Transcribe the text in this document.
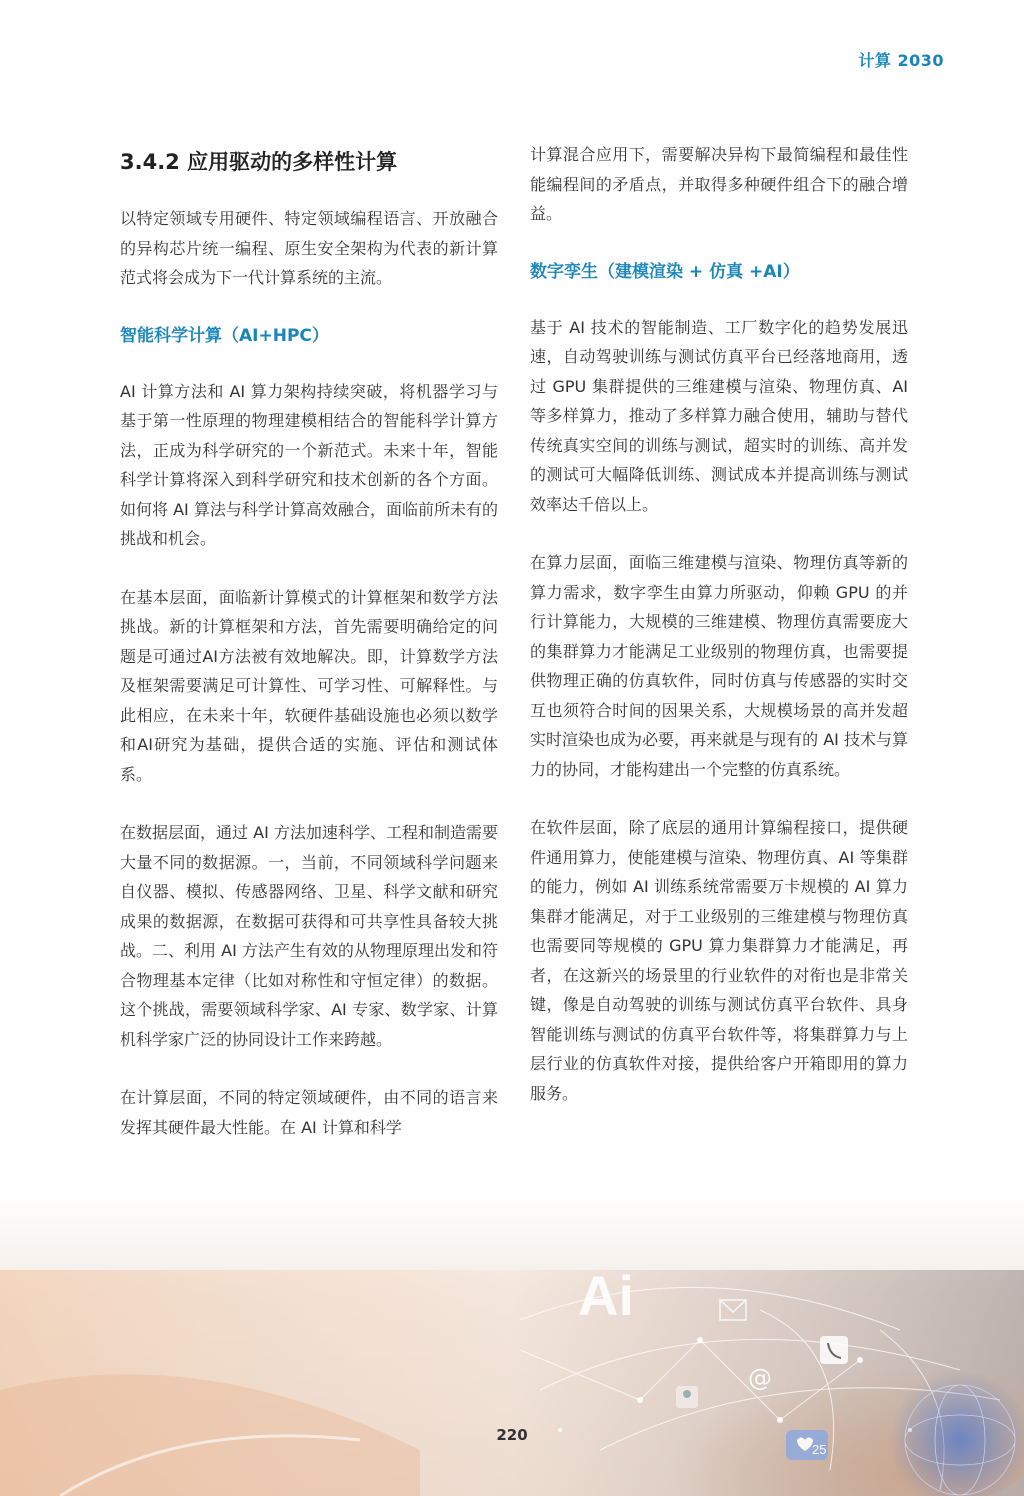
计算 2030
3.4.2 应用驱动的多样性计算
以特定领域专用硬件、特定领域编程语言、开放融合的异构芯片统一编程、原生安全架构为代表的新计算范式将会成为下一代计算系统的主流。
智能科学计算（AI+HPC）
AI 计算方法和 AI 算力架构持续突破，将机器学习与基于第一性原理的物理建模相结合的智能科学计算方法，正成为科学研究的一个新范式。未来十年，智能科学计算将深入到科学研究和技术创新的各个方面。如何将 AI 算法与科学计算高效融合，面临前所未有的挑战和机会。
在基本层面，面临新计算模式的计算框架和数学方法挑战。新的计算框架和方法，首先需要明确给定的问题是可通过AI方法被有效地解决。即，计算数学方法及框架需要满足可计算性、可学习性、可解释性。与此相应，在未来十年，软硬件基础设施也必须以数学和AI研究为基础，提供合适的实施、评估和测试体系。
在数据层面，通过 AI 方法加速科学、工程和制造需要大量不同的数据源。一，当前，不同领域科学问题来自仪器、模拟、传感器网络、卫星、科学文献和研究成果的数据源，在数据可获得和可共享性具备较大挑战。二、利用 AI 方法产生有效的从物理原理出发和符合物理基本定律（比如对称性和守恒定律）的数据。这个挑战，需要领域科学家、AI 专家、数学家、计算机科学家广泛的协同设计工作来跨越。
在计算层面，不同的特定领域硬件，由不同的语言来发挥其硬件最大性能。在 AI 计算和科学
计算混合应用下，需要解决异构下最简编程和最佳性能编程间的矛盾点，并取得多种硬件组合下的融合增益。
数字孪生（建模渲染 + 仿真 +AI）
基于 AI 技术的智能制造、工厂数字化的趋势发展迅速，自动驾驶训练与测试仿真平台已经落地商用，透过 GPU 集群提供的三维建模与渲染、物理仿真、AI 等多样算力，推动了多样算力融合使用，辅助与替代传统真实空间的训练与测试，超实时的训练、高并发的测试可大幅降低训练、测试成本并提高训练与测试效率达千倍以上。
在算力层面，面临三维建模与渲染、物理仿真等新的算力需求，数字孪生由算力所驱动，仰赖 GPU 的并行计算能力，大规模的三维建模、物理仿真需要庞大的集群算力才能满足工业级别的物理仿真，也需要提供物理正确的仿真软件，同时仿真与传感器的实时交互也须符合时间的因果关系，大规模场景的高并发超实时渲染也成为必要，再来就是与现有的 AI 技术与算力的协同，才能构建出一个完整的仿真系统。
在软件层面，除了底层的通用计算编程接口，提供硬件通用算力，使能建模与渲染、物理仿真、AI 等集群的能力，例如 AI 训练系统常需要万卡规模的 AI 算力集群才能满足，对于工业级别的三维建模与物理仿真也需要同等规模的 GPU 算力集群算力才能满足，再者，在这新兴的场景里的行业软件的对衔也是非常关键，像是自动驾驶的训练与测试仿真平台软件、具身智能训练与测试的仿真平台软件等，将集群算力与上层行业的仿真软件对接，提供给客户开箱即用的算力服务。
Ai
@
25
220
